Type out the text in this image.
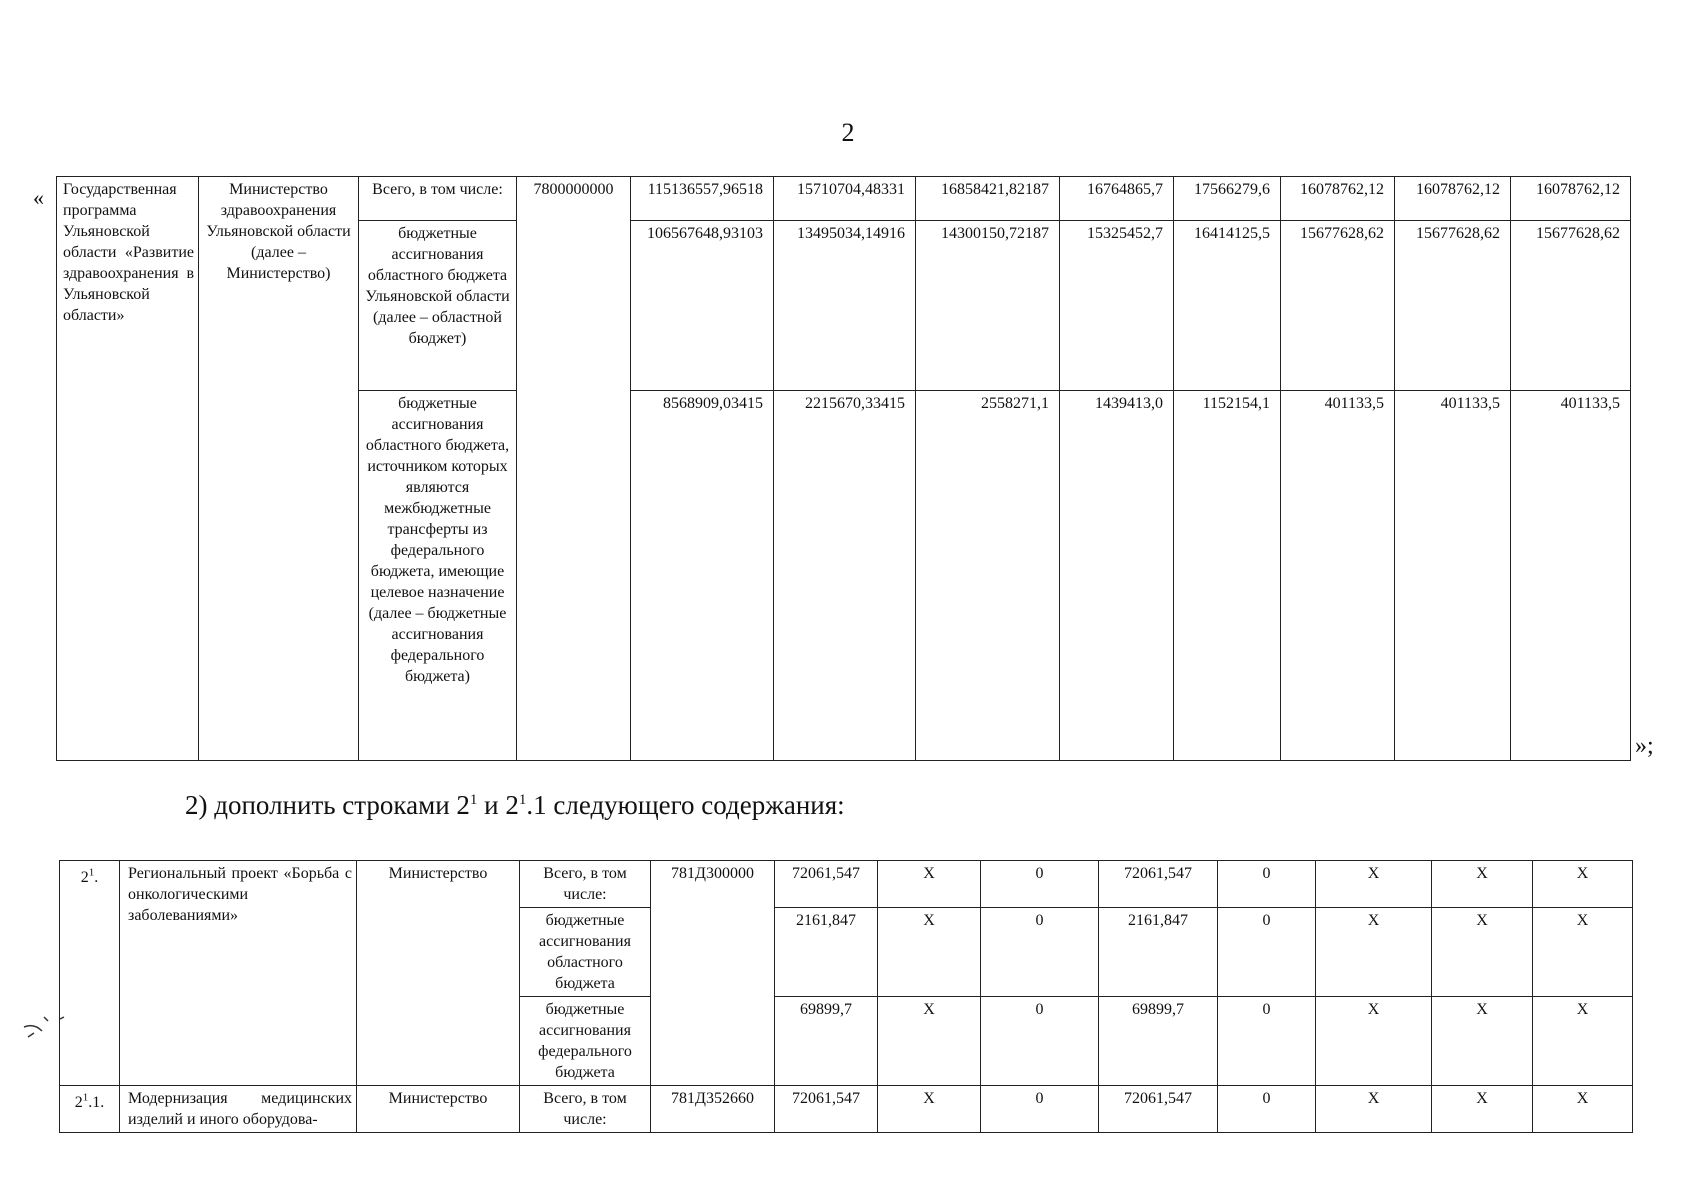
2
« Государственная программа Ульяновской области «Развитие здравоохранения в Ульяновской области»	Министерство здравоохранения Ульяновской области (далее – Министерство)	Всего, в том числе:	7800000000	115136557,96518	15710704,48331	16858421,82187	16764865,7	17566279,6	16078762,12	16078762,12	16078762,12
		бюджетные ассигнования областного бюджета Ульяновской области (далее – областной бюджет)		106567648,93103	13495034,14916	14300150,72187	15325452,7	16414125,5	15677628,62	15677628,62	15677628,62
		бюджетные ассигнования областного бюджета, источником которых являются межбюджетные трансферты из федерального бюджета, имеющие целевое назначение (далее – бюджетные ассигнования федерального бюджета)		8568909,03415	2215670,33415	2558271,1	1439413,0	1152154,1	401133,5	401133,5	401133,5
»;
2) дополнить строками $2^1$ и $2^1.1$ следующего содержания:
$2^1$.	Региональный проект «Борьба с онкологическими заболеваниями»	Министерство	Всего, в том числе:	781Д300000	72061,547	X	0	72061,547	0	X	X	X
			бюджетные ассигнования областного бюджета		2161,847	X	0	2161,847	0	X	X	X
			бюджетные ассигнования федерального бюджета		69899,7	X	0	69899,7	0	X	X	X
$2^1.1$.	Модернизация медицинских изделий и иного оборудова-	Министерство	Всего, в том числе:	781Д352660	72061,547	X	0	72061,547	0	X	X	X
